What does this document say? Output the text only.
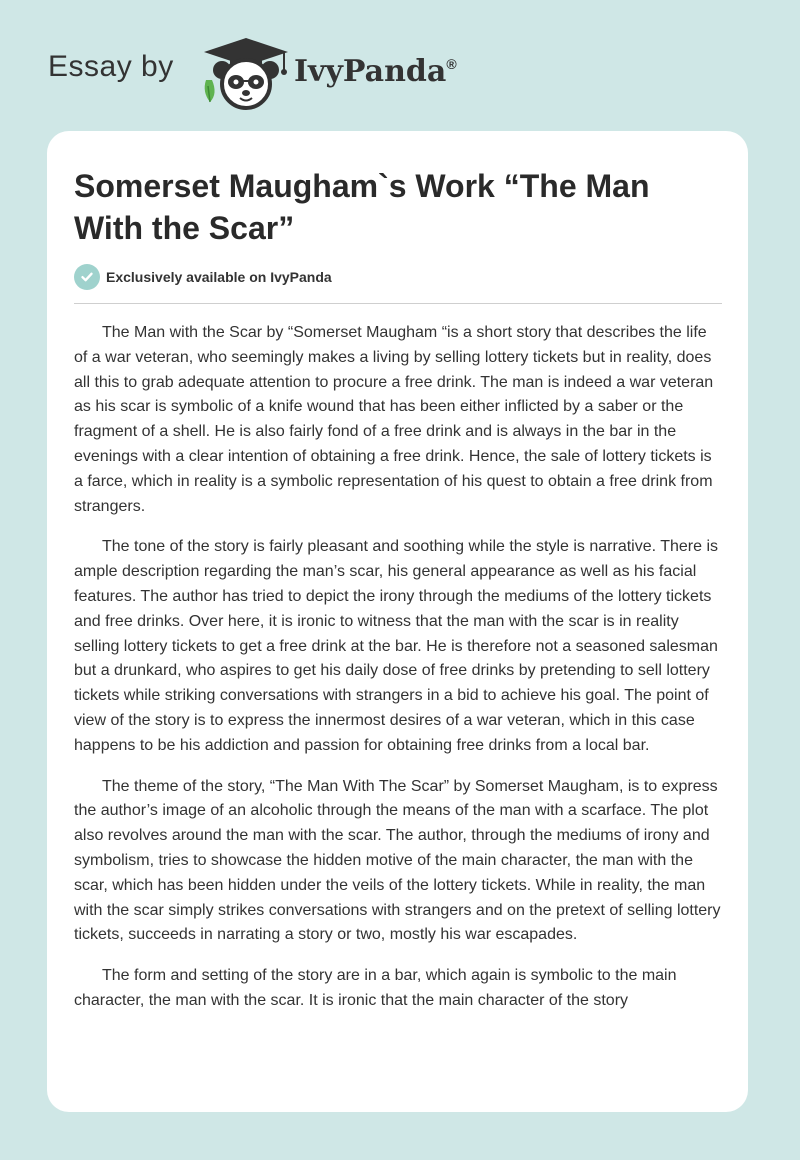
Essay by	IvyPanda®
Somerset Maugham`s Work “The Man With the Scar”
Exclusively available on IvyPanda

The Man with the Scar by “Somerset Maugham “is a short story that describes the life of a war veteran, who seemingly makes a living by selling lottery tickets but in reality, does all this to grab adequate attention to procure a free drink. The man is indeed a war veteran as his scar is symbolic of a knife wound that has been either inflicted by a saber or the fragment of a shell. He is also fairly fond of a free drink and is always in the bar in the evenings with a clear intention of obtaining a free drink. Hence, the sale of lottery tickets is a farce, which in reality is a symbolic representation of his quest to obtain a free drink from strangers.

The tone of the story is fairly pleasant and soothing while the style is narrative. There is ample description regarding the man’s scar, his general appearance as well as his facial features. The author has tried to depict the irony through the mediums of the lottery tickets and free drinks. Over here, it is ironic to witness that the man with the scar is in reality selling lottery tickets to get a free drink at the bar. He is therefore not a seasoned salesman but a drunkard, who aspires to get his daily dose of free drinks by pretending to sell lottery tickets while striking conversations with strangers in a bid to achieve his goal. The point of view of the story is to express the innermost desires of a war veteran, which in this case happens to be his addiction and passion for obtaining free drinks from a local bar.

The theme of the story, “The Man With The Scar” by Somerset Maugham, is to express the author’s image of an alcoholic through the means of the man with a scarface. The plot also revolves around the man with the scar. The author, through the mediums of irony and symbolism, tries to showcase the hidden motive of the main character, the man with the scar, which has been hidden under the veils of the lottery tickets. While in reality, the man with the scar simply strikes conversations with strangers and on the pretext of selling lottery tickets, succeeds in narrating a story or two, mostly his war escapades.

The form and setting of the story are in a bar, which again is symbolic to the main character, the man with the scar. It is ironic that the main character of the story
